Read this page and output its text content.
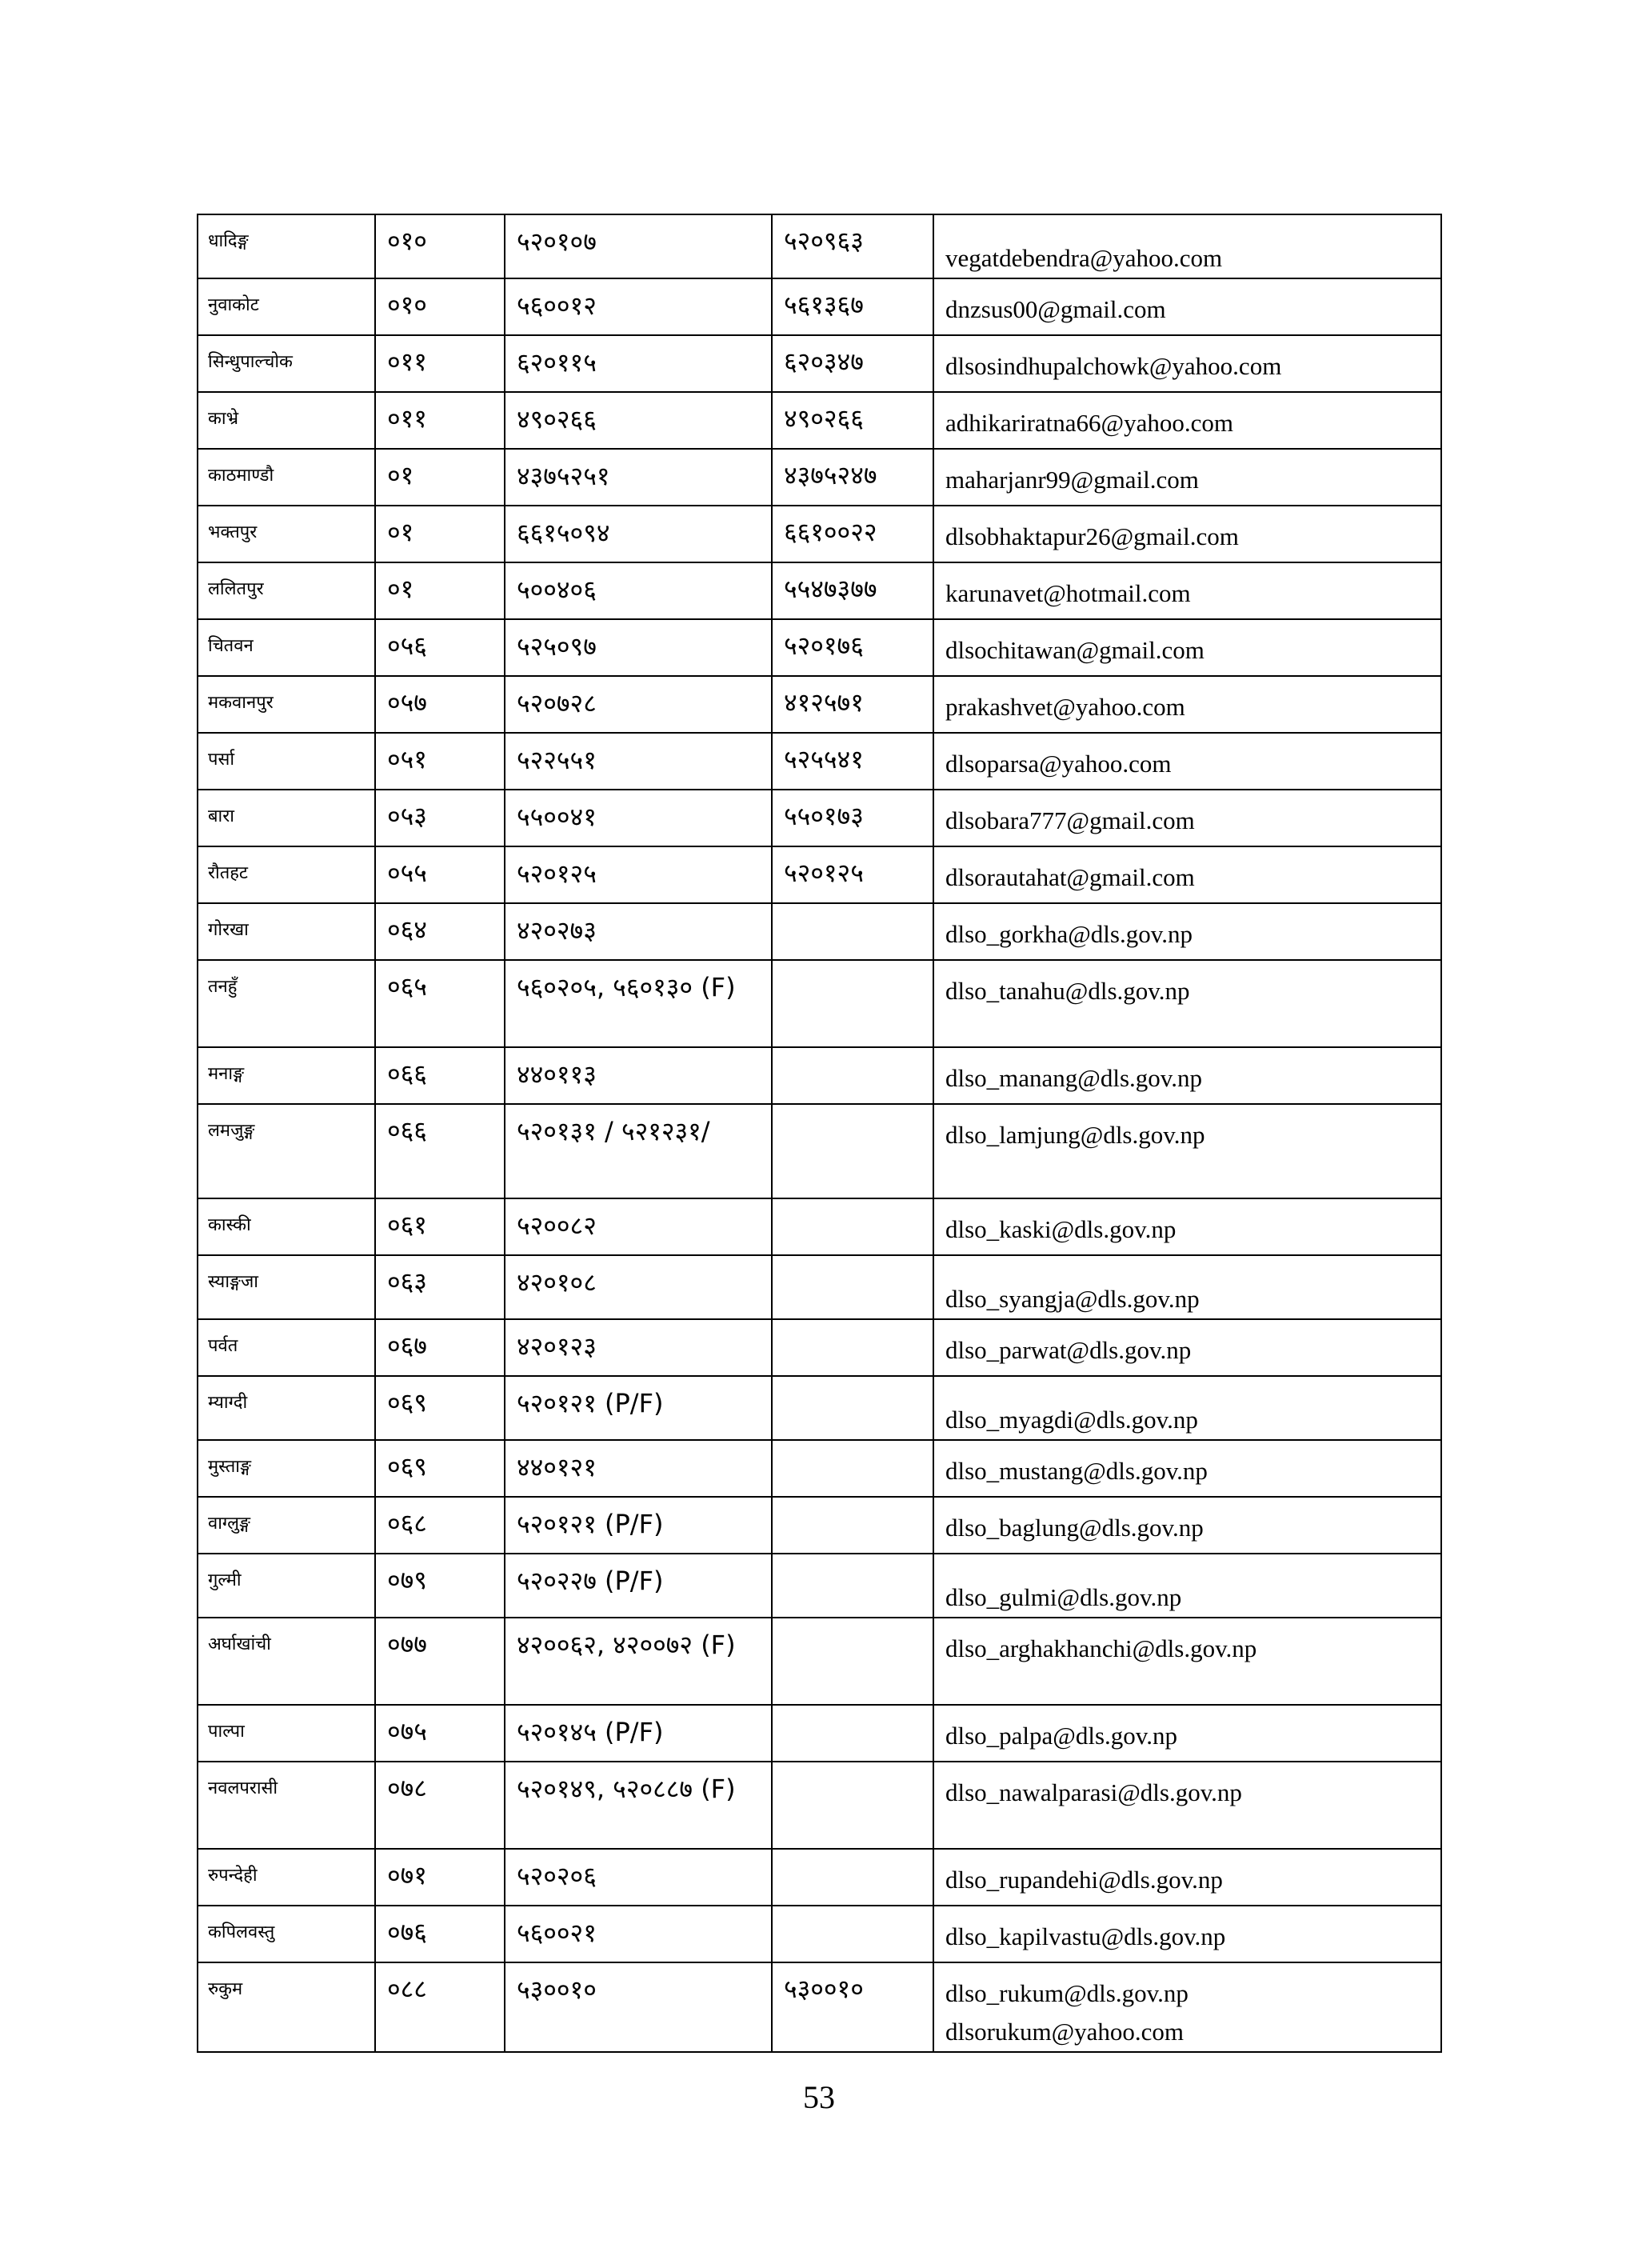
धादिङ्ग	०१०	५२०१०७	५२०९६३	vegatdebendra@yahoo.com

नुवाकोट	०१०	५६००१२	५६१३६७	dnzsus00@gmail.com

सिन्धुपाल्चोक	०११	६२०११५	६२०३४७	dlsosindhupalchowk@yahoo.com

काभ्रे	०११	४९०२६६	४९०२६६	adhikariratna66@yahoo.com

काठमाण्डौ	०१	४३७५२५१	४३७५२४७	maharjanr99@gmail.com

भक्तपुर	०१	६६१५०९४	६६१००२२	dlsobhaktapur26@gmail.com

ललितपुर	०१	५००४०६	५५४७३७७	karunavet@hotmail.com

चितवन	०५६	५२५०९७	५२०१७६	dlsochitawan@gmail.com

मकवानपुर	०५७	५२०७२८	४१२५७१	prakashvet@yahoo.com

पर्सा	०५१	५२२५५१	५२५५४१	dlsoparsa@yahoo.com

बारा	०५३	५५००४१	५५०१७३	dlsobara777@gmail.com

रौतहट	०५५	५२०१२५	५२०१२५	dlsorautahat@gmail.com

गोरखा	०६४	४२०२७३		dlso_gorkha@dls.gov.np

तनहुँ	०६५	५६०२०५, ५६०१३० (F)		dlso_tanahu@dls.gov.np

मनाङ्ग	०६६	४४०११३		dlso_manang@dls.gov.np

लमजुङ्ग	०६६	५२०१३१ / ५२१२३१/		dlso_lamjung@dls.gov.np

कास्की	०६१	५२००८२		dlso_kaski@dls.gov.np

स्याङ्गजा	०६३	४२०१०८		dlso_syangja@dls.gov.np

पर्वत	०६७	४२०१२३		dlso_parwat@dls.gov.np

म्याग्दी	०६९	५२०१२१ (P/F)		dlso_myagdi@dls.gov.np

मुस्ताङ्ग	०६९	४४०१२१		dlso_mustang@dls.gov.np

वाग्लुङ्ग	०६८	५२०१२१ (P/F)		dlso_baglung@dls.gov.np

गुल्मी	०७९	५२०२२७ (P/F)		dlso_gulmi@dls.gov.np

अर्घाखांची	०७७	४२००६२, ४२००७२ (F)		dlso_arghakhanchi@dls.gov.np

पाल्पा	०७५	५२०१४५ (P/F)		dlso_palpa@dls.gov.np

नवलपरासी	०७८	५२०१४९, ५२०८८७ (F)		dlso_nawalparasi@dls.gov.np

रुपन्देही	०७१	५२०२०६		dlso_rupandehi@dls.gov.np

कपिलवस्तु	०७६	५६००२१		dlso_kapilvastu@dls.gov.np

रुकुम	०८८	५३००१०	५३००१०	dlso_rukum@dls.gov.np
dlsorukum@yahoo.com
53
